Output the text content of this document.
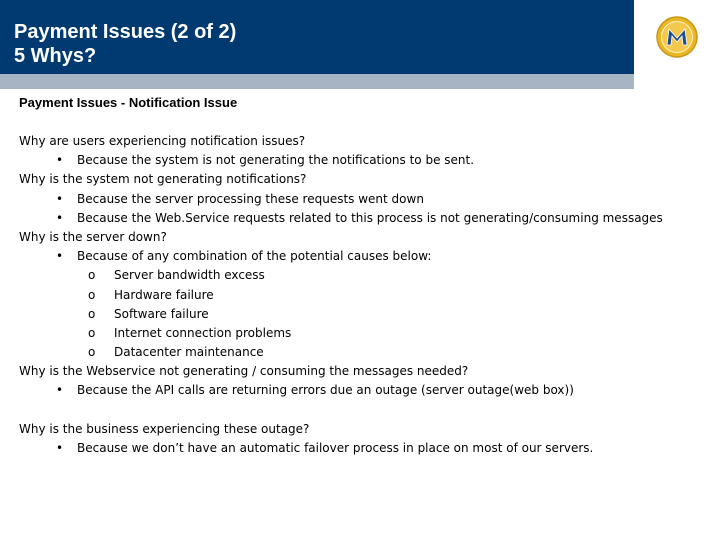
Payment Issues (2 of 2)
5 Whys?
Payment Issues - Notification Issue
Why are users experiencing notification issues?
• Because the system is not generating the notifications to be sent.
Why is the system not generating notifications?
• Because the server processing these requests went down
• Because the Web.Service requests related to this process is not generating/consuming messages
Why is the server down?
• Because of any combination of the potential causes below:
o Server bandwidth excess
o Hardware failure
o Software failure
o Internet connection problems
o Datacenter maintenance
Why is the Webservice not generating / consuming the messages needed?
• Because the API calls are returning errors due an outage (server outage(web box))
Why is the business experiencing these outage?
• Because we don’t have an automatic failover process in place on most of our servers.
